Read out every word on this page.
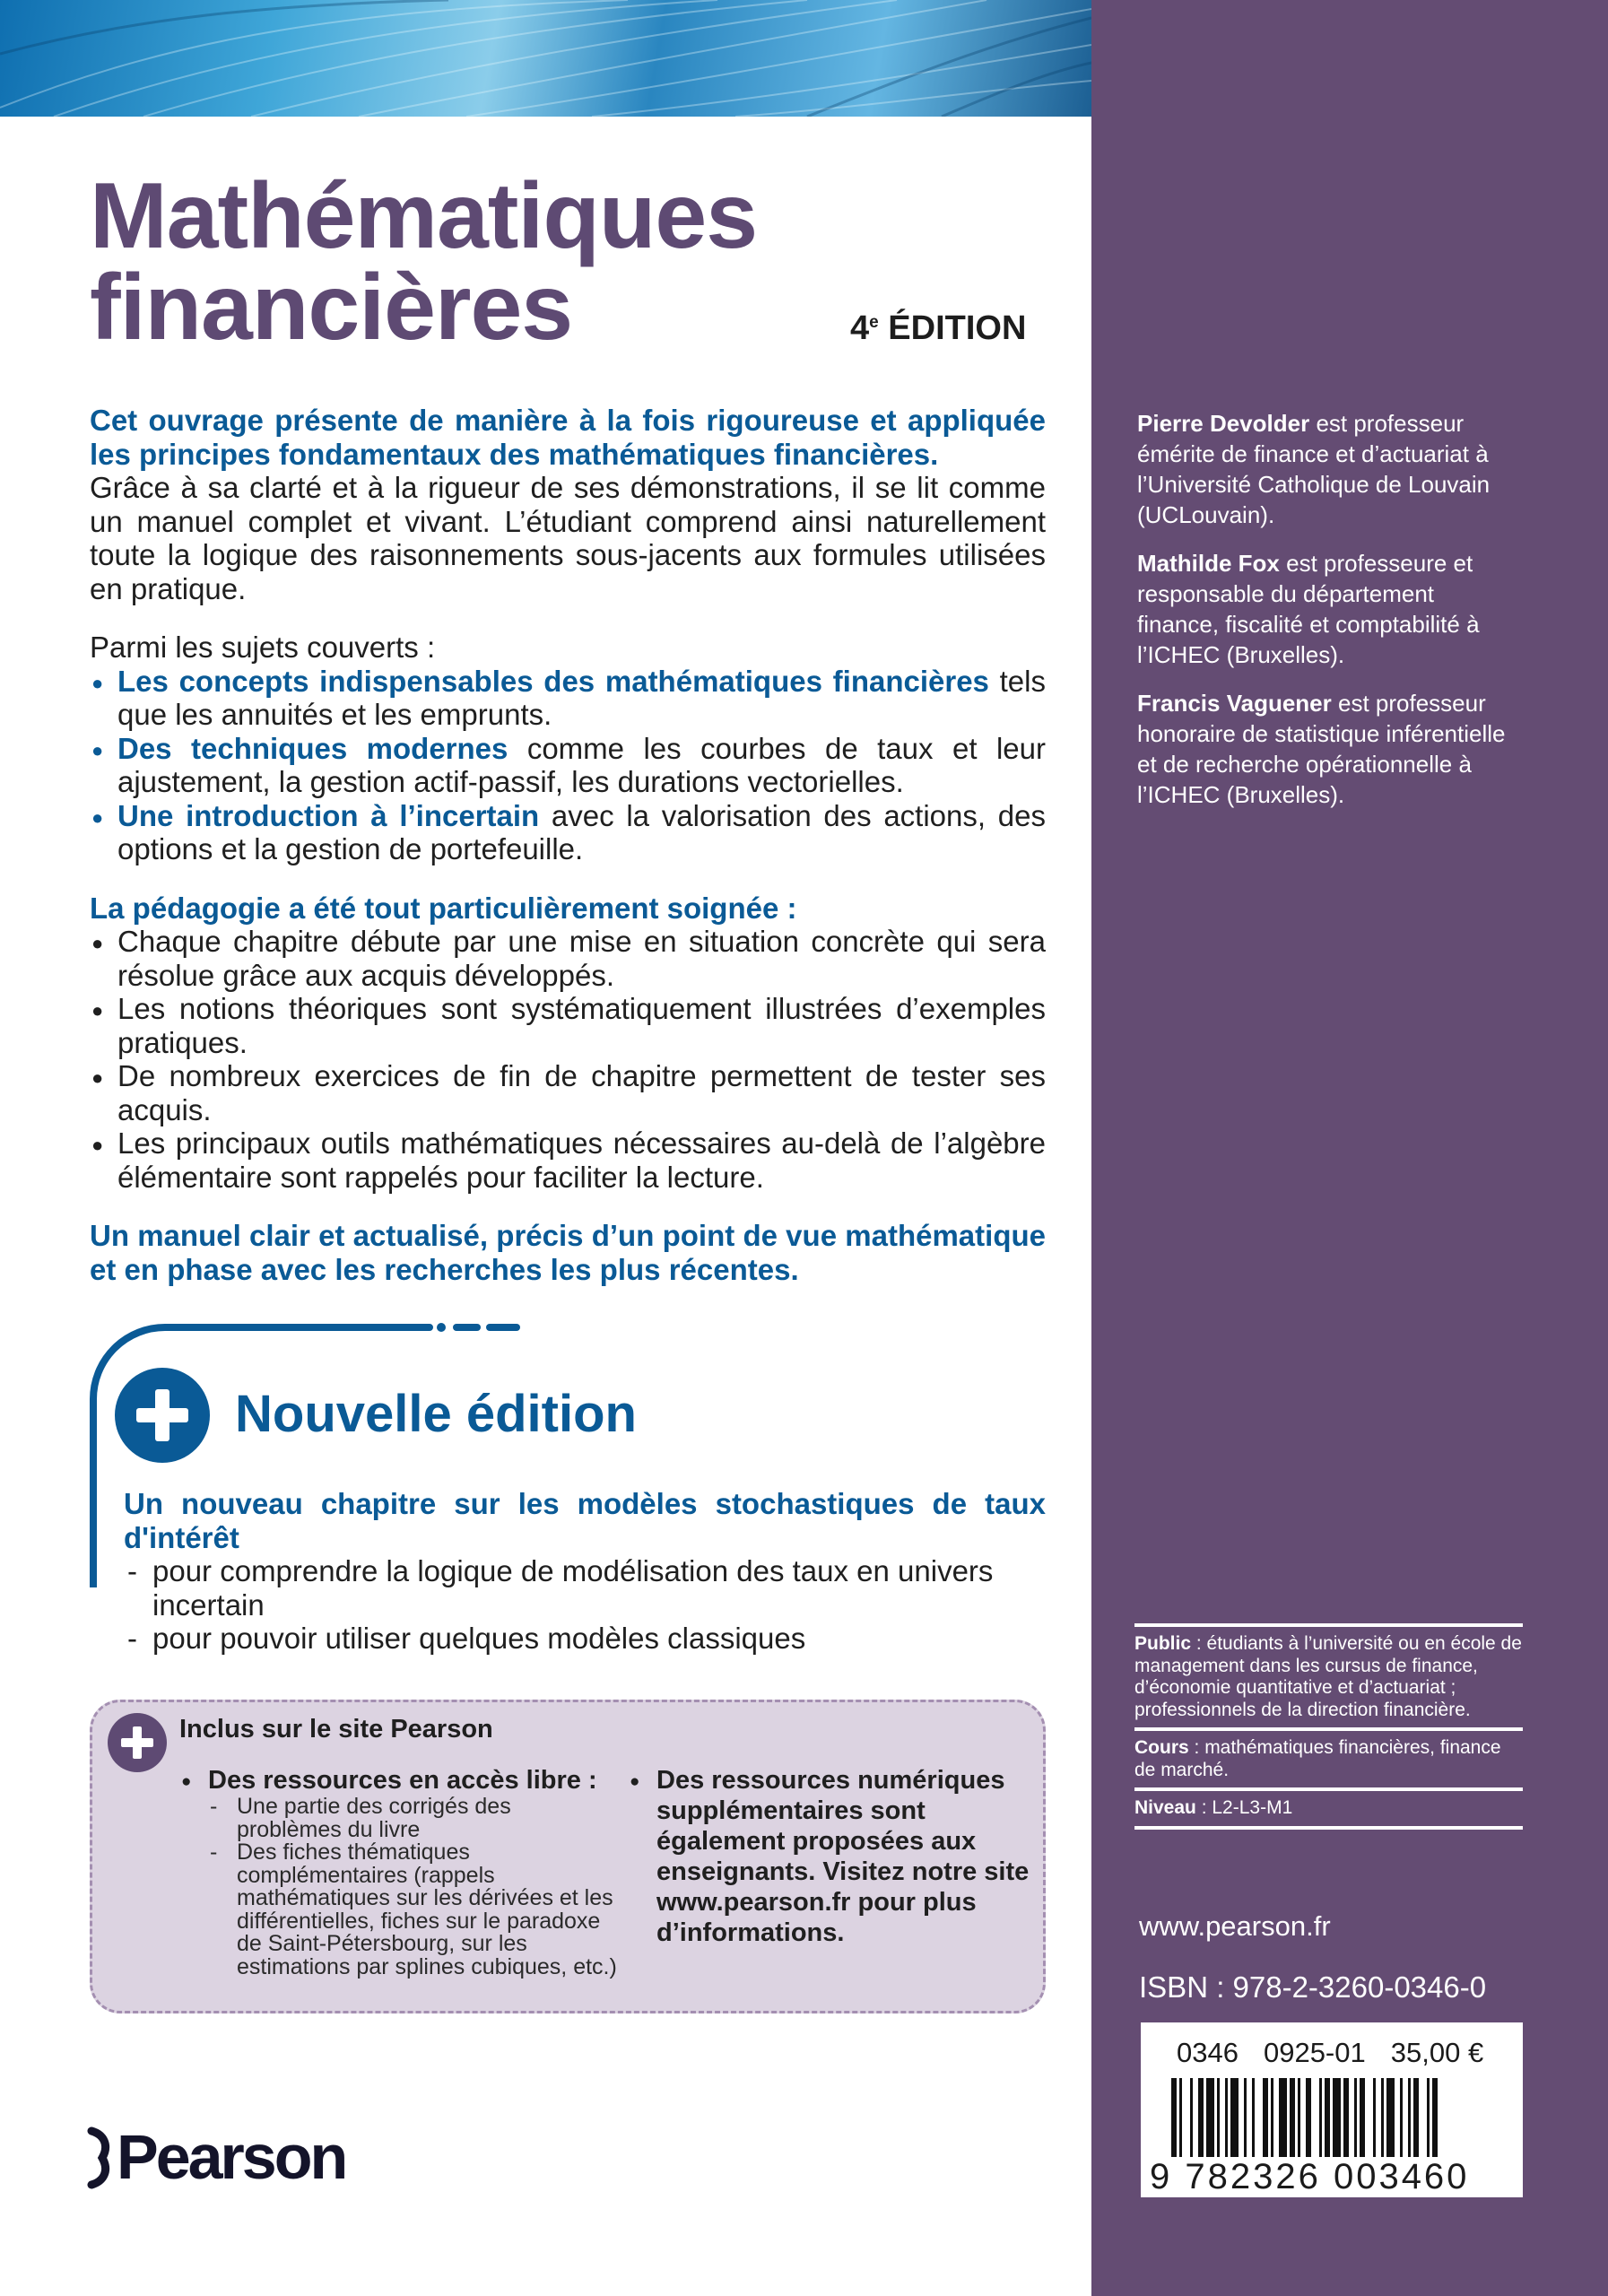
Mathématiques
financières	4e ÉDITION

Cet ouvrage présente de manière à la fois rigoureuse et appliquée les principes fondamentaux des mathématiques financières.

Grâce à sa clarté et à la rigueur de ses démonstrations, il se lit comme un manuel complet et vivant. L’étudiant comprend ainsi naturellement toute la logique des raisonnements sous-jacents aux formules utilisées en pratique.

Parmi les sujets couverts :

● Les concepts indispensables des mathématiques financières tels que les annuités et les emprunts.
● Des techniques modernes comme les courbes de taux et leur ajustement, la gestion actif-passif, les durations vectorielles.
● Une introduction à l’incertain avec la valorisation des actions, des options et la gestion de portefeuille.

La pédagogie a été tout particulièrement soignée :

● Chaque chapitre débute par une mise en situation concrète qui sera résolue grâce aux acquis développés.
● Les notions théoriques sont systématiquement illustrées d’exemples pratiques.
● De nombreux exercices de fin de chapitre permettent de tester ses acquis.
● Les principaux outils mathématiques nécessaires au-delà de l’algèbre élémentaire sont rappelés pour faciliter la lecture.

Un manuel clair et actualisé, précis d’un point de vue mathématique et en phase avec les recherches les plus récentes.

Nouvelle édition

Un nouveau chapitre sur les modèles stochastiques de taux d'intérêt

- pour comprendre la logique de modélisation des taux en univers incertain
- pour pouvoir utiliser quelques modèles classiques
Inclus sur le site Pearson
● Des ressources en accès libre :
- Une partie des corrigés des problèmes du livre
- Des fiches thématiques complémentaires (rappels mathématiques sur les dérivées et les différentielles, fiches sur le paradoxe de Saint-Pétersbourg, sur les estimations par splines cubiques, etc.)
● Des ressources numériques supplémentaires sont également proposées aux enseignants. Visitez notre site www.pearson.fr pour plus d’informations.
Pearson

Pierre Devolder est professeur émérite de finance et d’actuariat à l’Université Catholique de Louvain (UCLouvain).

Mathilde Fox est professeure et responsable du département finance, fiscalité et comptabilité à l’ICHEC (Bruxelles).

Francis Vaguener est professeur honoraire de statistique inférentielle et de recherche opérationnelle à l’ICHEC (Bruxelles).

Public : étudiants à l’université ou en école de management dans les cursus de finance, d’économie quantitative et d’actuariat ; professionnels de la direction financière.
Cours : mathématiques financières, finance de marché.
Niveau : L2-L3-M1
www.pearson.fr
ISBN : 978-2-3260-0346-0
0346 0925-01 35,00 €
9 782326 003460
